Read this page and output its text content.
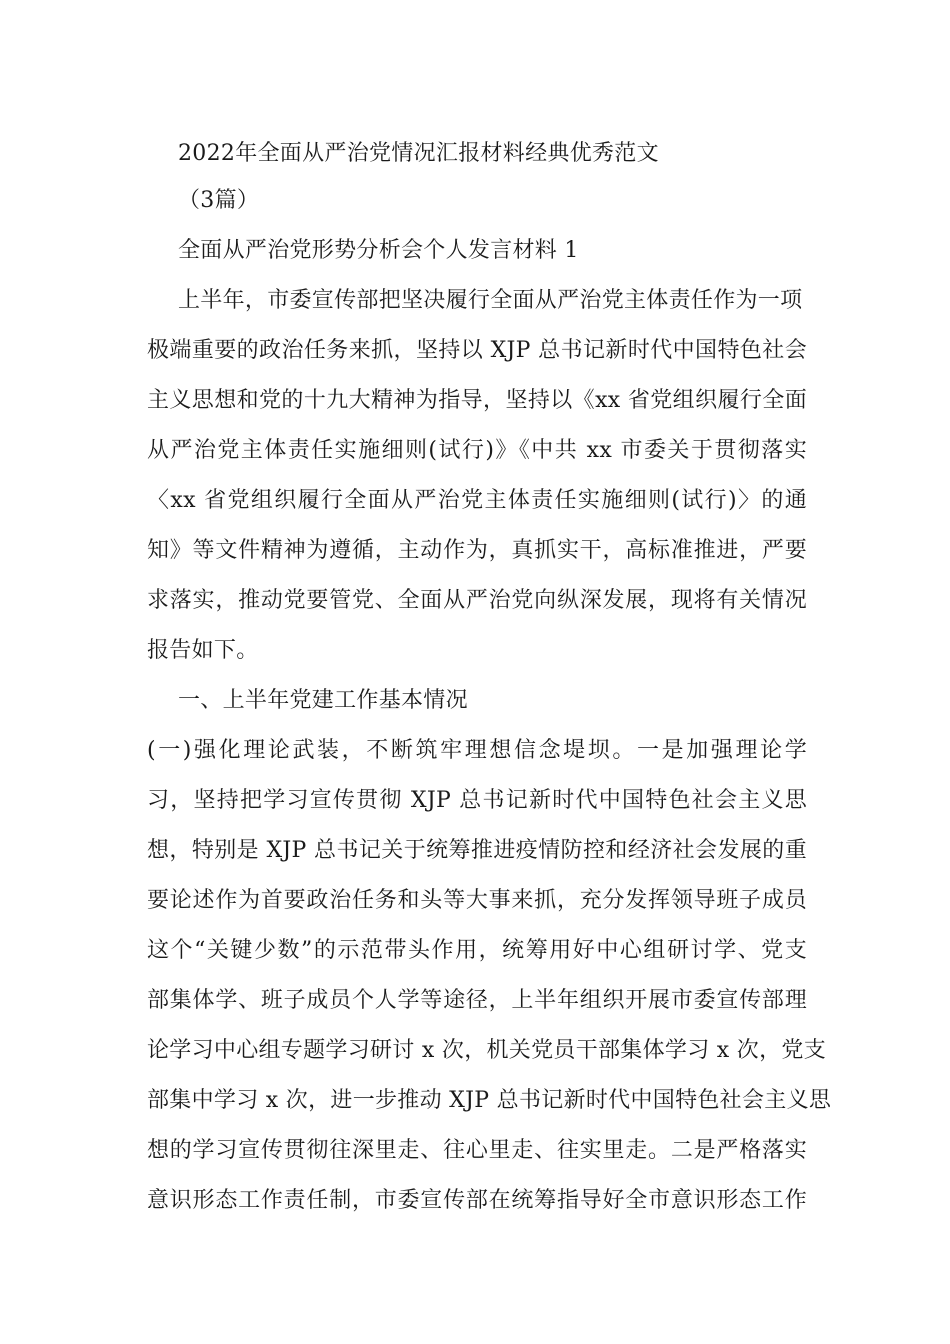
2022年全面从严治党情况汇报材料经典优秀范文
（3篇）
全面从严治党形势分析会个人发言材料 1
上半年，市委宣传部把坚决履行全面从严治党主体责任作为一项
极端重要的政治任务来抓，坚持以 XJP 总书记新时代中国特色社会
主义思想和党的十九大精神为指导，坚持以《xx 省党组织履行全面
从严治党主体责任实施细则(试行)》《中共 xx 市委关于贯彻落实
〈xx 省党组织履行全面从严治党主体责任实施细则(试行)〉的通
知》等文件精神为遵循，主动作为，真抓实干，高标准推进，严要
求落实，推动党要管党、全面从严治党向纵深发展，现将有关情况
报告如下。
一、上半年党建工作基本情况
(一)强化理论武装，不断筑牢理想信念堤坝。一是加强理论学
习，坚持把学习宣传贯彻 XJP 总书记新时代中国特色社会主义思
想，特别是 XJP 总书记关于统筹推进疫情防控和经济社会发展的重
要论述作为首要政治任务和头等大事来抓，充分发挥领导班子成员
这个“关键少数”的示范带头作用，统筹用好中心组研讨学、党支
部集体学、班子成员个人学等途径，上半年组织开展市委宣传部理
论学习中心组专题学习研讨 x 次，机关党员干部集体学习 x 次，党支
部集中学习 x 次，进一步推动 XJP 总书记新时代中国特色社会主义思
想的学习宣传贯彻往深里走、往心里走、往实里走。二是严格落实
意识形态工作责任制，市委宣传部在统筹指导好全市意识形态工作
